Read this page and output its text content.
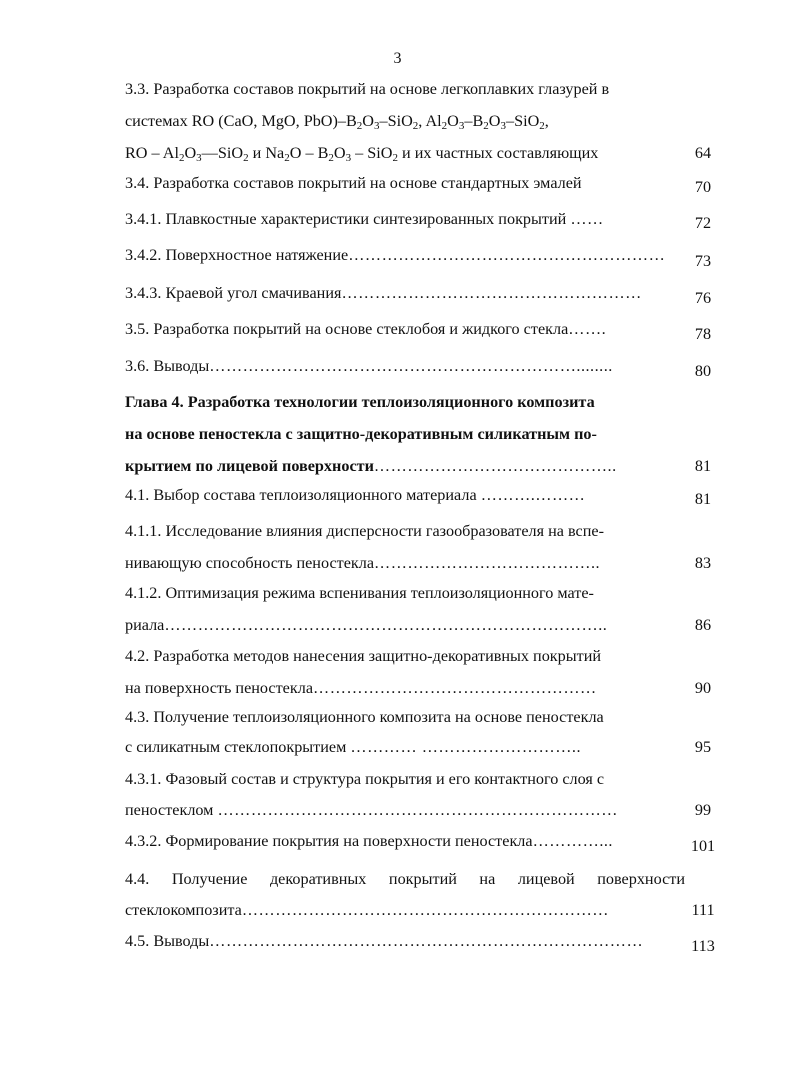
3
3.3. Разработка составов покрытий на основе легкоплавких глазурей в
системах RO (CaO, MgO, $PbO)-B_2O_3-SiO_2$, $Al_2O_3-B_2O_3-SiO_2$,
RO – $Al_2O_3—SiO_2$ и $Na_2O - B_2O_3 - SiO_2$ и их частных составляющих	64
3.4. Разработка составов покрытий на основе стандартных эмалей	70
3.4.1. Плавкостные характеристики синтезированных покрытий ……	72
3.4.2. Поверхностное натяжение…………………………………………………	73
3.4.3. Краевой угол смачивания………………………………………………	76
3.5. Разработка покрытий на основе стеклобоя и жидкого стекла…….	78
3.6. Выводы…………………………………………………………........	80
Глава 4. Разработка технологии теплоизоляционного композита
на основе пеностекла с защитно-декоративным силикатным по-
крытием по лицевой поверхности……………………………………..	81
4.1. Выбор состава теплоизоляционного материала ……….………	81
4.1.1. Исследование влияния дисперсности газообразователя на вспе-
нивающую способность пеностекла…………………………………..	83
4.1.2. Оптимизация режима вспенивания теплоизоляционного мате-
риала……………………………………………………………………..	86
4.2. Разработка методов нанесения защитно-декоративных покрытий
на поверхность пеностекла……………………………………………	90
4.3. Получение теплоизоляционного композита на основе пеностекла
с силикатным стеклопокрытием ………… ………………………..	95
4.3.1. Фазовый состав и структура покрытия и его контактного слоя с
пеностеклом ………………………………………………………………	99
4.3.2. Формирование покрытия на поверхности пеностекла…………...	101
4.4. Получение декоративных покрытий на лицевой поверхности
стеклокомпозита…………………………………………………………	111
4.5. Выводы……………………………………………………………………	113
